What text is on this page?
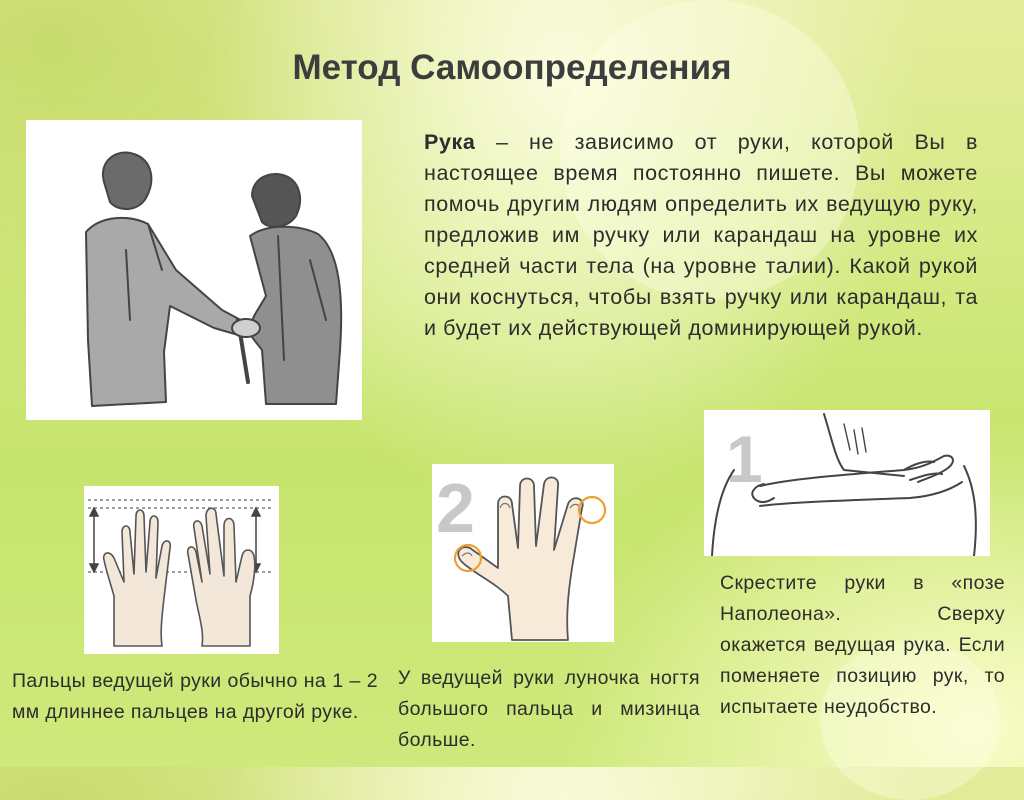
Метод Самоопределения

Рука – не зависимо от руки, которой Вы в настоящее время постоянно пишете. Вы можете помочь другим людям определить их ведущую руку, предложив им ручку или карандаш на уровне их средней части тела (на уровне талии). Какой рукой они коснуться, чтобы взять ручку или карандаш, та и будет их действующей доминирующей рукой.

2
1

Пальцы ведущей руки обычно на 1 – 2 мм длиннее пальцев на другой руке.

У ведущей руки луночка ногтя большого пальца и мизинца больше.

Скрестите руки в «позе Наполеона». Сверху окажется ведущая рука. Если поменяете позицию рук, то испытаете неудобство.
